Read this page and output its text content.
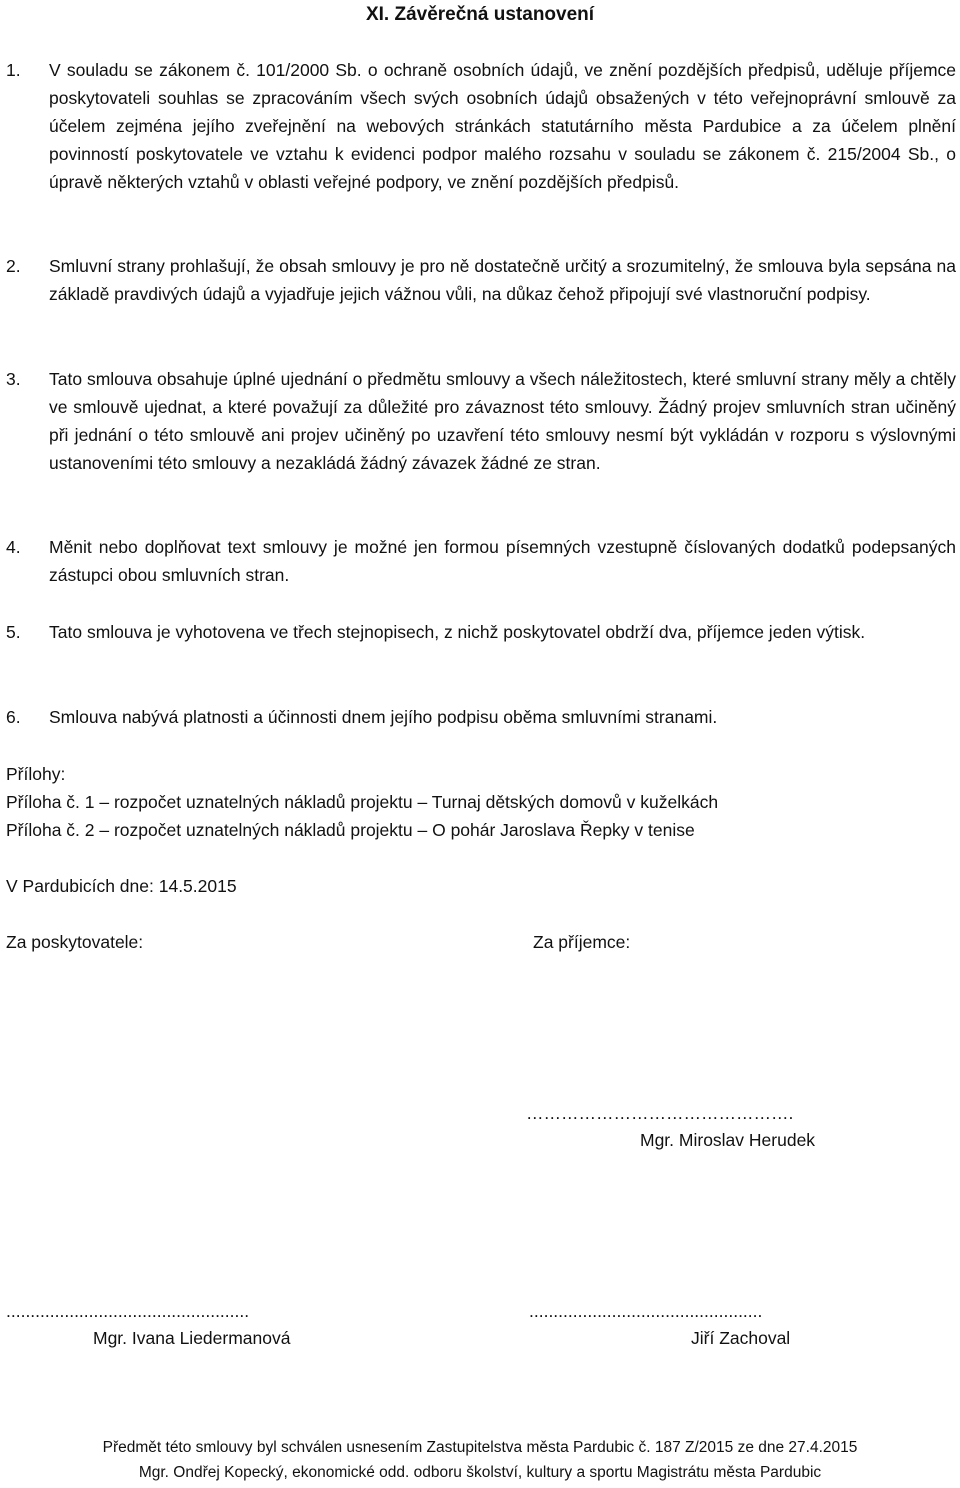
XI. Závěrečná ustanovení
1.	V souladu se zákonem č. 101/2000 Sb. o ochraně osobních údajů, ve znění pozdějších předpisů, uděluje příjemce poskytovateli souhlas se zpracováním všech svých osobních údajů obsažených v této veřejnoprávní smlouvě za účelem zejména jejího zveřejnění na webových stránkách statutárního města Pardubice a za účelem plnění povinností poskytovatele ve vztahu k evidenci podpor malého rozsahu v souladu se zákonem č. 215/2004 Sb., o úpravě některých vztahů v oblasti veřejné podpory, ve znění pozdějších předpisů.
2.	Smluvní strany prohlašují, že obsah smlouvy je pro ně dostatečně určitý a srozumitelný, že smlouva byla sepsána na základě pravdivých údajů a vyjadřuje jejich vážnou vůli, na důkaz čehož připojují své vlastnoruční podpisy.
3.	Tato smlouva obsahuje úplné ujednání o předmětu smlouvy a všech náležitostech, které smluvní strany měly a chtěly ve smlouvě ujednat, a které považují za důležité pro závaznost této smlouvy. Žádný projev smluvních stran učiněný při jednání o této smlouvě ani projev učiněný po uzavření této smlouvy nesmí být vykládán v rozporu s výslovnými ustanoveními této smlouvy a nezakládá žádný závazek žádné ze stran.
4.	Měnit nebo doplňovat text smlouvy je možné jen formou písemných vzestupně číslovaných dodatků podepsaných zástupci obou smluvních stran.
5.	Tato smlouva je vyhotovena ve třech stejnopisech, z nichž poskytovatel obdrží dva, příjemce jeden výtisk.
6.	Smlouva nabývá platnosti a účinnosti dnem jejího podpisu oběma smluvními stranami.
Přílohy:
Příloha č. 1 – rozpočet uznatelných nákladů projektu – Turnaj dětských domovů v kuželkách
Příloha č. 2 – rozpočet uznatelných nákladů projektu – O pohár Jaroslava Řepky v tenise
V Pardubicích dne: 14.5.2015
Za poskytovatele:	Za příjemce:
……………………………………….
Mgr. Miroslav Herudek
..................................................
Mgr. Ivana Liedermanová
................................................
Jiří Zachoval
Předmět této smlouvy byl schválen usnesením Zastupitelstva města Pardubic č. 187 Z/2015 ze dne 27.4.2015
Mgr. Ondřej Kopecký, ekonomické odd. odboru školství, kultury a sportu Magistrátu města Pardubic
